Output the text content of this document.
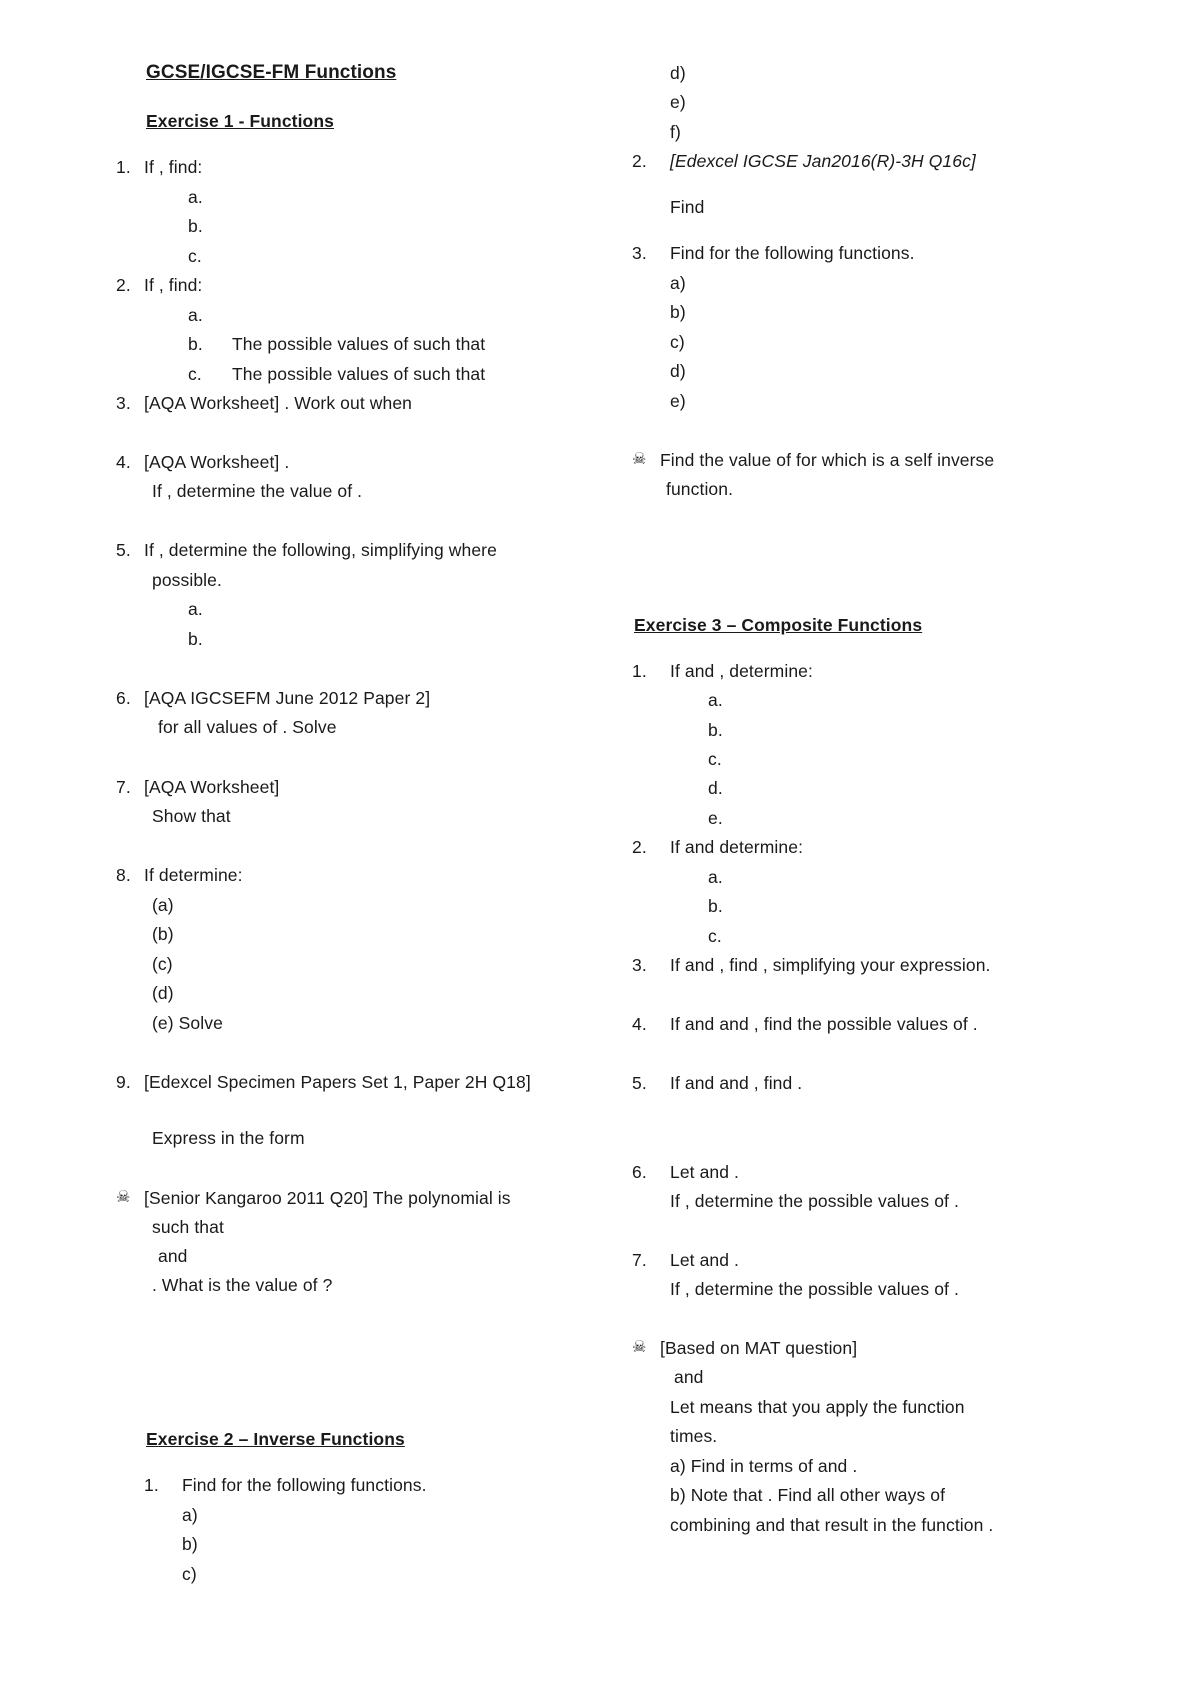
GCSE/IGCSE-FM Functions
Exercise 1 - Functions
1. If , find:
a.
b.
c.
2. If , find:
a.
b. The possible values of such that
c. The possible values of such that
3. [AQA Worksheet] . Work out when
4. [AQA Worksheet] .
If , determine the value of .
5. If , determine the following, simplifying where
possible.
a.
b.
6. [AQA IGCSEFM June 2012 Paper 2]
for all values of . Solve
7. [AQA Worksheet]
Show that
8. If determine:
(a)
(b)
(c)
(d)
(e) Solve
9. [Edexcel Specimen Papers Set 1, Paper 2H Q18]
Express in the form
☠ [Senior Kangaroo 2011 Q20] The polynomial is
such that
and
. What is the value of ?
Exercise 2 – Inverse Functions
1. Find for the following functions.
a)
b)
c)
d)
e)
f)
2. [Edexcel IGCSE Jan2016(R)-3H Q16c]
Find
3. Find for the following functions.
a)
b)
c)
d)
e)
☠ Find the value of for which is a self inverse
function.
Exercise 3 – Composite Functions
1. If and , determine:
a.
b.
c.
d.
e.
2. If and determine:
a.
b.
c.
3. If and , find , simplifying your expression.
4. If and and , find the possible values of .
5. If and and , find .
6. Let and .
If , determine the possible values of .
7. Let and .
If , determine the possible values of .
☠ [Based on MAT question]
and
Let means that you apply the function
times.
a) Find in terms of and .
b) Note that . Find all other ways of
combining and that result in the function .
